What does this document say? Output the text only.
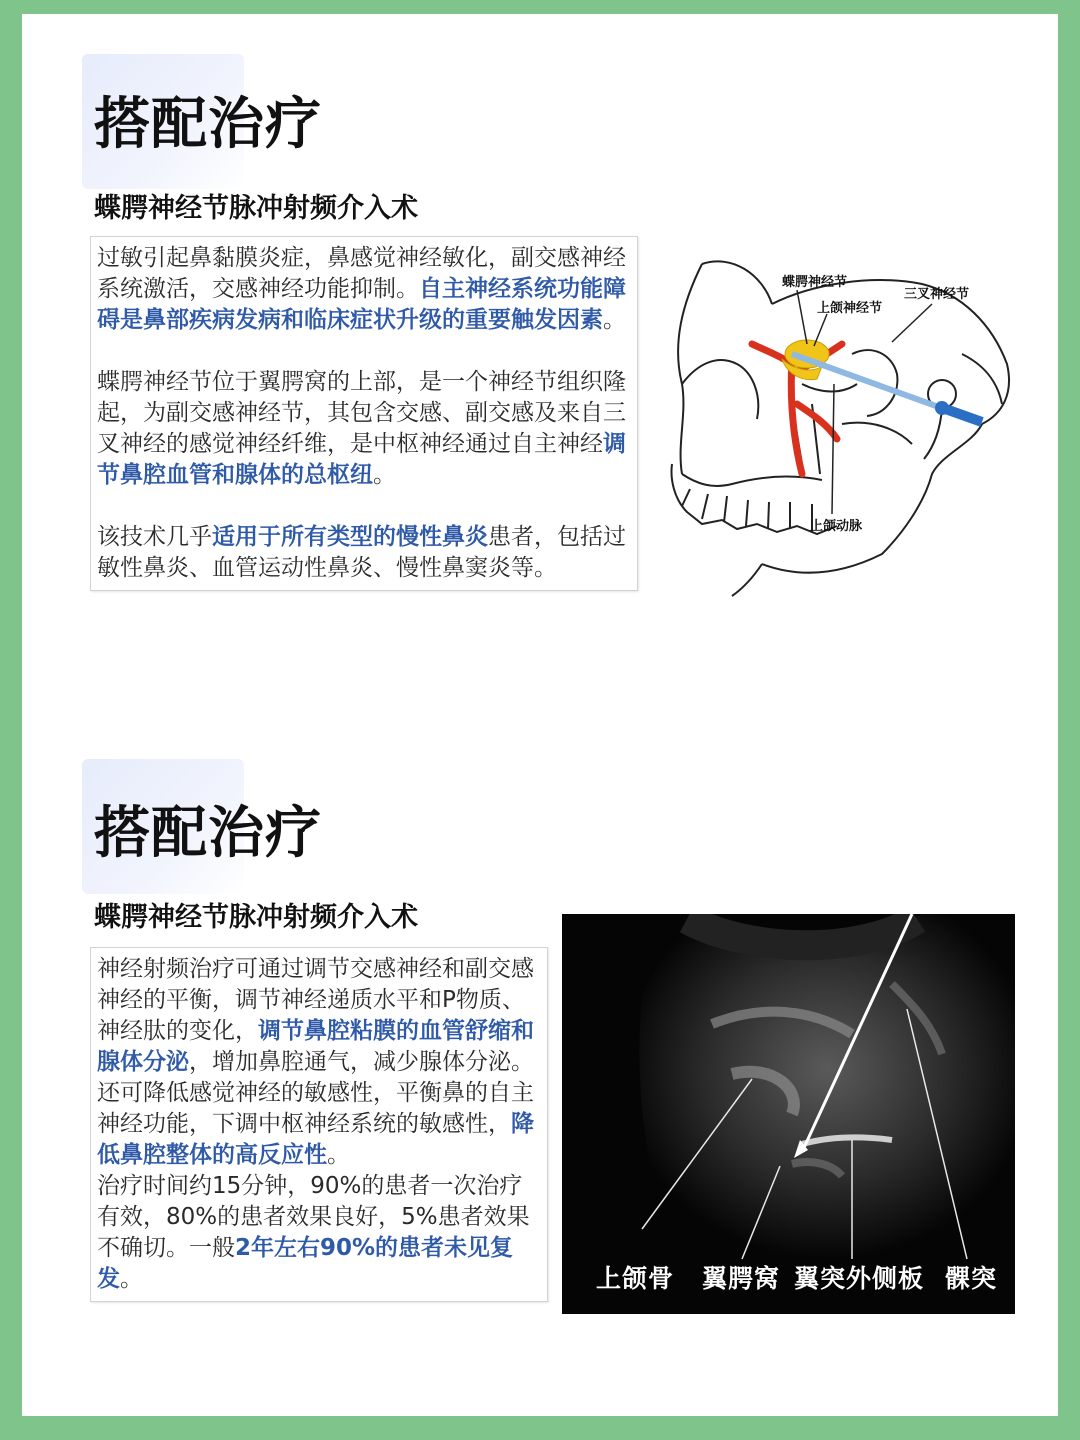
搭配治疗
蝶腭神经节脉冲射频介入术

过敏引起鼻黏膜炎症，鼻感觉神经敏化，副交感神经系统激活，交感神经功能抑制。自主神经系统功能障碍是鼻部疾病发病和临床症状升级的重要触发因素。

蝶腭神经节位于翼腭窝的上部，是一个神经节组织隆起，为副交感神经节，其包含交感、副交感及来自三叉神经的感觉神经纤维，是中枢神经通过自主神经调节鼻腔血管和腺体的总枢纽。

该技术几乎适用于所有类型的慢性鼻炎患者，包括过敏性鼻炎、血管运动性鼻炎、慢性鼻窦炎等。

蝶腭神经节
上颌神经节
三叉神经节
上颌动脉
搭配治疗
蝶腭神经节脉冲射频介入术

神经射频治疗可通过调节交感神经和副交感神经的平衡，调节神经递质水平和P物质、神经肽的变化，调节鼻腔粘膜的血管舒缩和腺体分泌，增加鼻腔通气，减少腺体分泌。还可降低感觉神经的敏感性，平衡鼻的自主神经功能，下调中枢神经系统的敏感性，降低鼻腔整体的高反应性。

治疗时间约15分钟，90%的患者一次治疗有效，80%的患者效果良好，5%患者效果不确切。一般2年左右90%的患者未见复发。	上颌骨 翼腭窝 翼突外侧板 髁突
